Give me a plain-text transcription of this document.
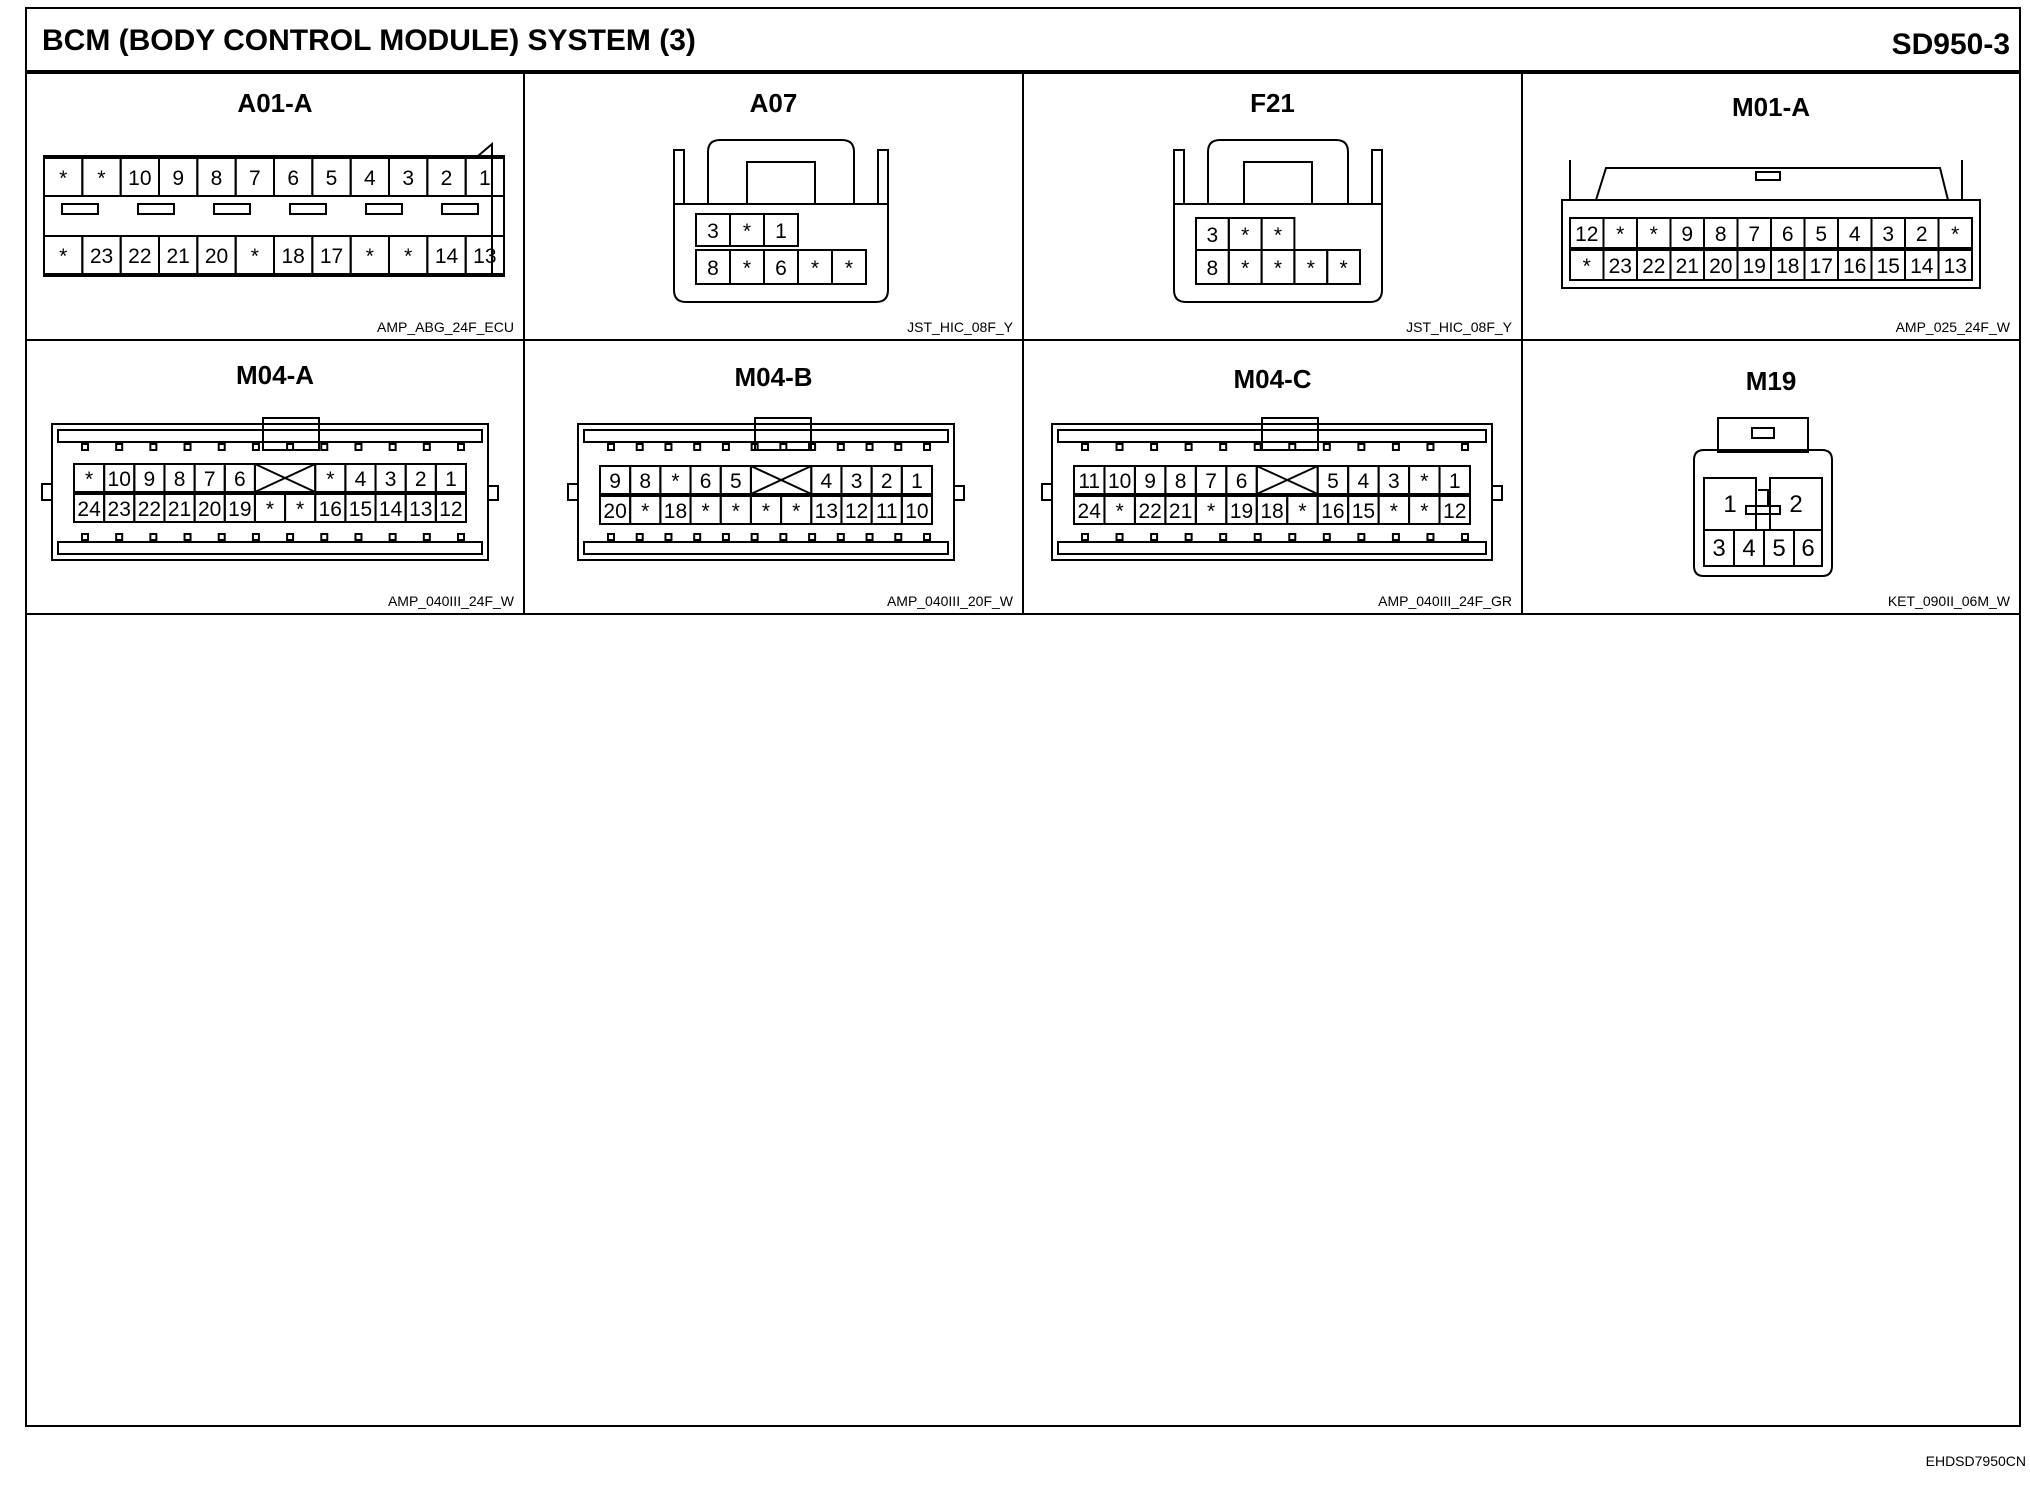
BCM (BODY CONTROL MODULE) SYSTEM (3)	SD950-3
A01-A
AMP_ABG_24F_ECU
* * 10 9 8 7 6 5 4 3 2 1
* 23 22 21 20 * 18 17 * * 14 13
A07
JST_HIC_08F_Y
3 * 1
8 * 6 * *
F21
JST_HIC_08F_Y
3 * *
8 * * * *
M01-A
AMP_025_24F_W
12 * * 9 8 7 6 5 4 3 2 *
* 23 22 21 20 19 18 17 16 15 14 13
M04-A
AMP_040III_24F_W
* 10 9 8 7 6	* 4 3 2 1
24 23 22 21 20 19 * * 16 15 14 13 12
M04-B
AMP_040III_20F_W
9 8 * 6 5	4 3 2 1
20 * 18 * * * * 13 12 11 10
M04-C
AMP_040III_24F_GR
11 10 9 8 7 6	5 4 3 * 1
24 * 22 21 * 19 18 * 16 15 * * 12
M19
KET_090II_06M_W
1 2
3 4 5 6
EHDSD7950CN
